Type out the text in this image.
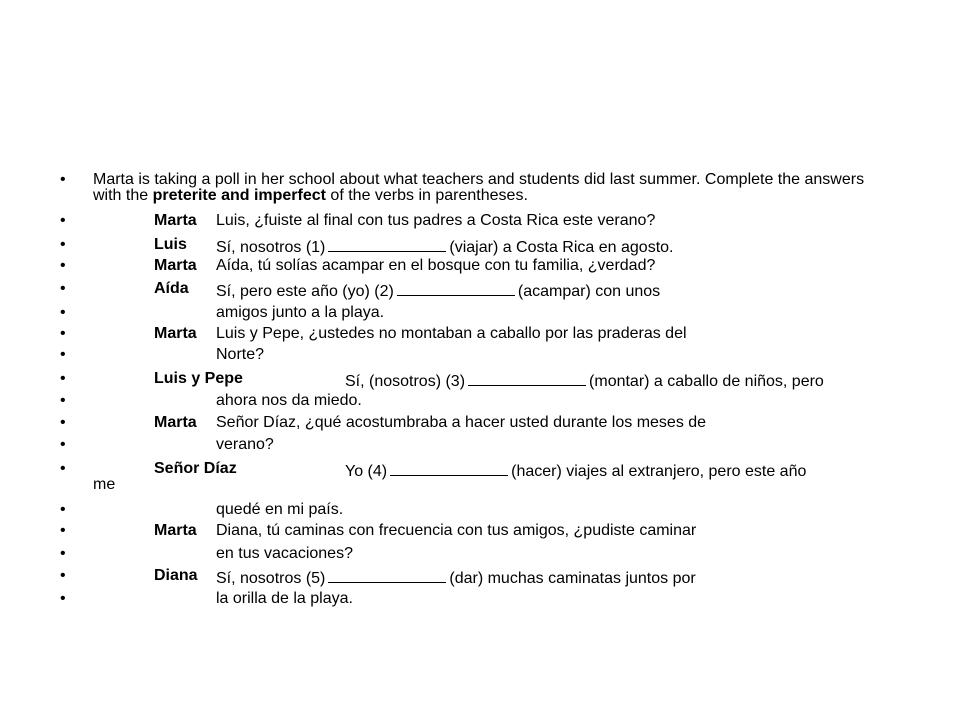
• Marta is taking a poll in her school about what teachers and students did last summer. Complete the answers with the preterite and imperfect of the verbs in parentheses.
•	Marta Luis, ¿fuiste al final con tus padres a Costa Rica este verano?
•	Luis Sí, nosotros (1)	(viajar) a Costa Rica en agosto.
•	Marta Aída, tú solías acampar en el bosque con tu familia, ¿verdad?
•	Aída Sí, pero este año (yo) (2)	(acampar) con unos
•	amigos junto a la playa.
•	Marta Luis y Pepe, ¿ustedes no montaban a caballo por las praderas del
•	Norte?
•	Luis y Pepe	Sí, (nosotros) (3)	(montar) a caballo de niños, pero
•	ahora nos da miedo.
•	Marta Señor Díaz, ¿qué acostumbraba a hacer usted durante los meses de
•	verano?
•	Señor Díaz	Yo (4)	(hacer) viajes al extranjero, pero este año
me
•	quedé en mi país.
•	Marta Diana, tú caminas con frecuencia con tus amigos, ¿pudiste caminar
•	en tus vacaciones?
•	Diana Sí, nosotros (5)	(dar) muchas caminatas juntos por
•	la orilla de la playa.
